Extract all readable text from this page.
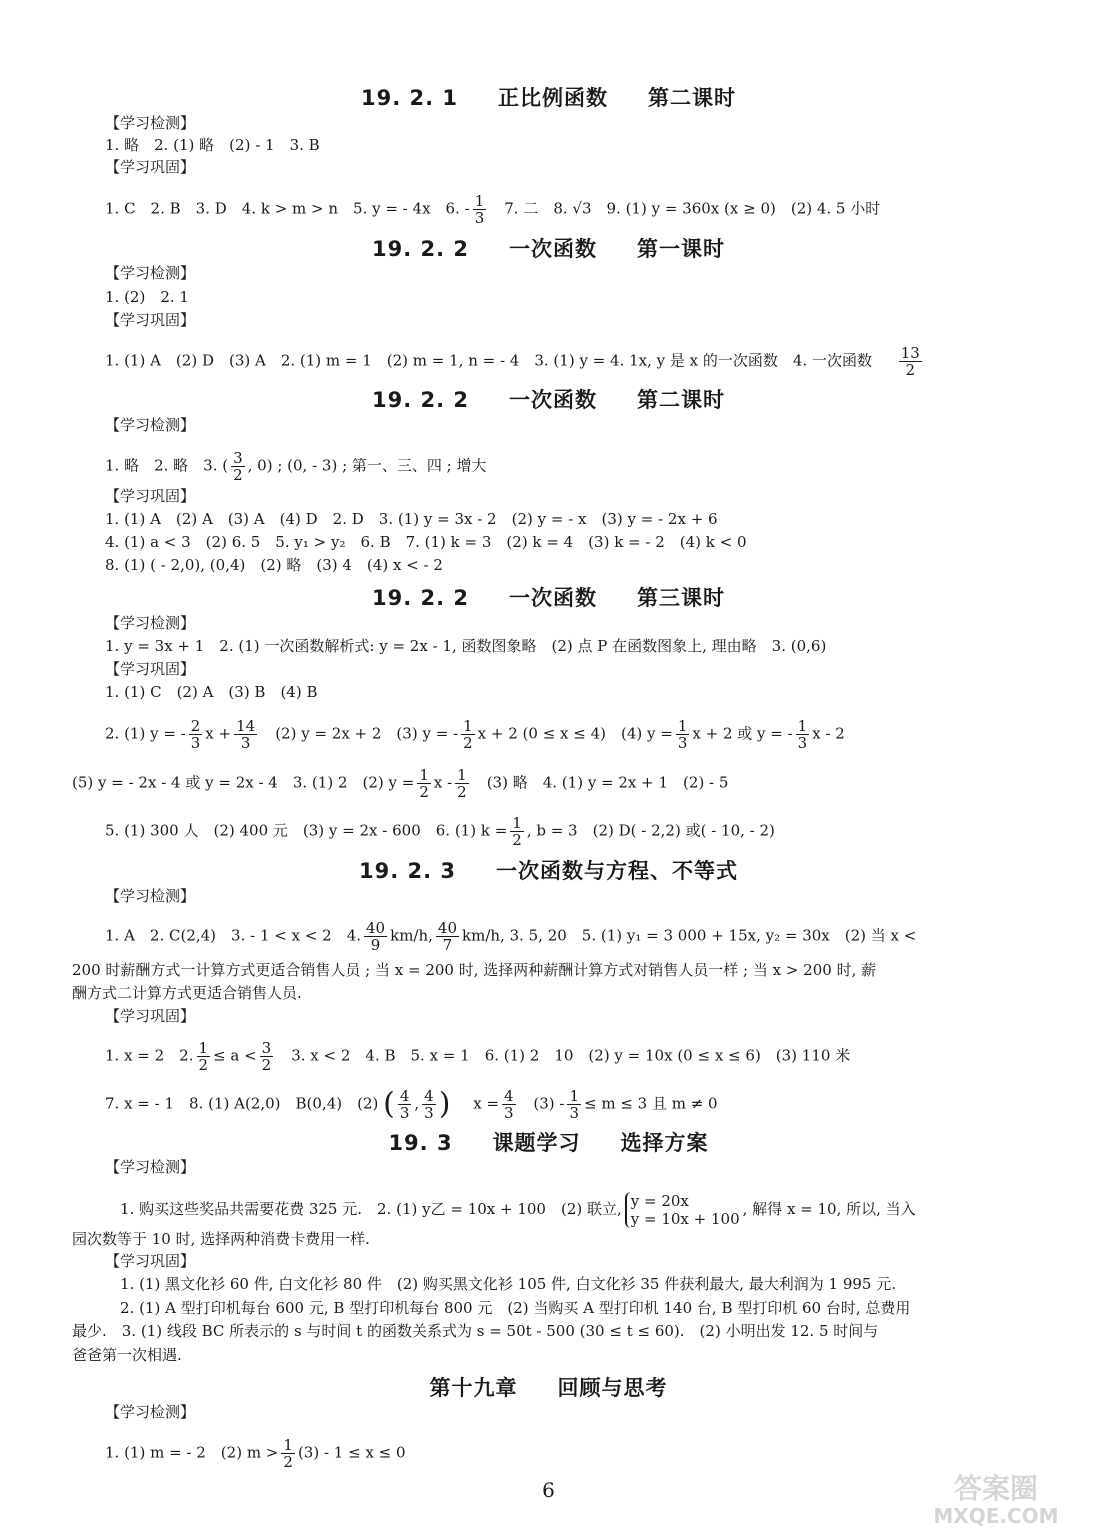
19. 2. 1 正比例函数 第二课时
【学习检测】
1. 略　2. (1) 略　(2) - 1　3. B
【学习巩固】
1. C　2. B　3. D　4. k > m > n　5. y = - 4x　6. - $\frac{1}{3}$ 　7. 二　8. √3　9. (1) y = 360x (x ≥ 0)　(2) 4. 5 小时
19. 2. 2 一次函数 第一课时
【学习检测】
1. (2)　2. 1
【学习巩固】
1. (1) A　(2) D　(3) A　2. (1) m = 1　(2) m = 1, n = - 4　3. (1) y = 4. 1x, y 是 x 的一次函数　4. 一次函数 $\frac{13}{2}$
19. 2. 2 一次函数 第二课时
【学习检测】
1. 略　2. 略　3. ( $\frac{3}{2}$ , 0) ; (0, - 3) ; 第一、三、四 ; 增大
【学习巩固】
1. (1) A　(2) A　(3) A　(4) D　2. D　3. (1) y = 3x - 2　(2) y = - x　(3) y = - 2x + 6
4. (1) a < 3　(2) 6. 5　5. y₁ > y₂　6. B　7. (1) k = 3　(2) k = 4　(3) k = - 2　(4) k < 0
8. (1) ( - 2,0), (0,4)　(2) 略　(3) 4　(4) x < - 2
19. 2. 2 一次函数 第三课时
【学习检测】
1. y = 3x + 1　2. (1) 一次函数解析式: y = 2x - 1, 函数图象略　(2) 点 P 在函数图象上, 理由略　3. (0,6)
【学习巩固】
1. (1) C　(2) A　(3) B　(4) B
2. (1) y = - $\frac{2}{3}$ $x + \frac{14}{3}$ 　(2) y = 2x + 2　(3) y = - $\frac{1}{2}$ x + 2 (0 ≤ x ≤ 4)　(4) $y = \frac{1}{3}$ x + 2 或 y = - $\frac{1}{3}$ x - 2
(5) y = - 2x - 4 或 y = 2x - 4　3. (1) 2　(2) $y = \frac{1}{2}$ x - $\frac{1}{2}$ 　(3) 略　4. (1) y = 2x + 1　(2) - 5
5. (1) 300 人　(2) 400 元　(3) y = 2x - 600　6. (1) $k = \frac{1}{2}$ , b = 3　(2) D( - 2,2) 或( - 10, - 2)
19. 2. 3 一次函数与方程、不等式
【学习检测】
1. A　2. C(2,4)　3. - 1 < x < 2　4. $\frac{40}{9} km/h$, $\frac{40}{7} km/h$, 3. 5, 20　5. (1) y₁ = 3 000 + 15x, y₂ = 30x　(2) 当 x <
200 时薪酬方式一计算方式更适合销售人员 ; 当 x = 200 时, 选择两种薪酬计算方式对销售人员一样 ; 当 x > 200 时, 薪
酬方式二计算方式更适合销售人员.
【学习巩固】
1. x = 2　2. $\frac{1}{2} \le a < \frac{3}{2}$ 　3. x < 2　4. B　5. x = 1　6. (1) 2　10　(2) y = 10x (0 ≤ x ≤ 6)　(3) 110 米
7. x = - 1　8. (1) A(2,0)　B(0,4)　(2) ( $\frac{4}{3}$ , $\frac{4}{3}$ ) $x = \frac{4}{3} (3) - \frac{1}{3} \le m \le 3$ 且 m ≠ 0
19. 3 课题学习 选择方案
【学习检测】
1. 购买这些奖品共需要花费 325 元.　2. (1) y乙 = 10x + 100　(2) 联立, y = 20x
y = 10x + 100
, 解得 x = 10, 所以, 当入
园次数等于 10 时, 选择两种消费卡费用一样.
【学习巩固】
1. (1) 黑文化衫 60 件, 白文化衫 80 件　(2) 购买黑文化衫 105 件, 白文化衫 35 件获利最大, 最大利润为 1 995 元.
2. (1) A 型打印机每台 600 元, B 型打印机每台 800 元　(2) 当购买 A 型打印机 140 台, B 型打印机 60 台时, 总费用
最少.　3. (1) 线段 BC 所表示的 s 与时间 t 的函数关系式为 s = 50t - 500 (30 ≤ t ≤ 60).　(2) 小明出发 12. 5 时间与
爸爸第一次相遇.
第十九章 回顾与思考
【学习检测】
1. (1) m = - 2　(2) $m > \frac{1}{2} (3) - 1 \le x \le 0$
6	答案圈
MXQE.COM
